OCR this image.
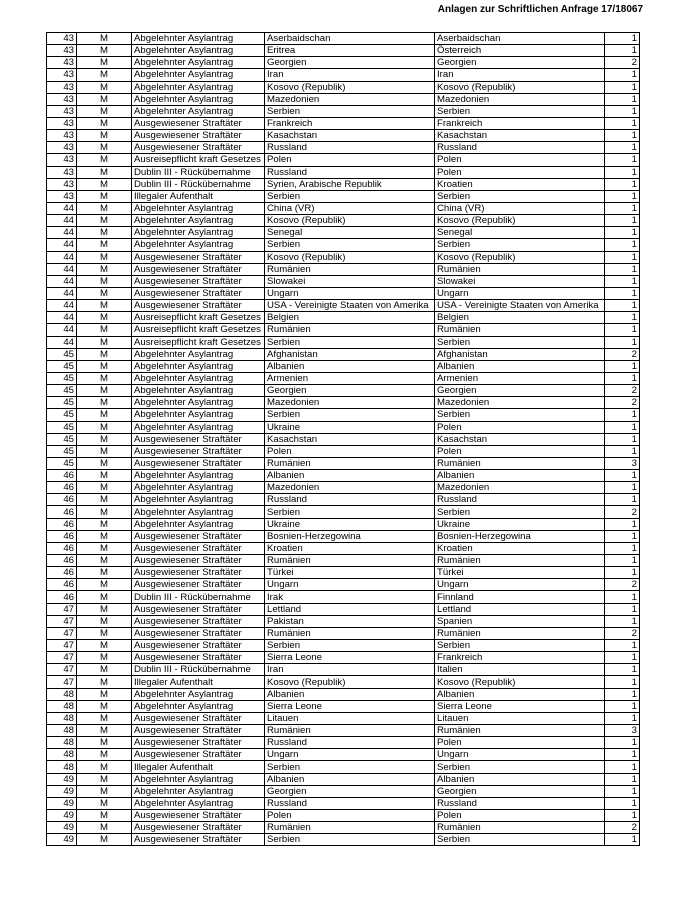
Anlagen zur Schriftlichen Anfrage 17/18067
43	M	Abgelehnter Asylantrag	Aserbaidschan	Aserbaidschan	1
43	M	Abgelehnter Asylantrag	Eritrea	Österreich	1
43	M	Abgelehnter Asylantrag	Georgien	Georgien	2
43	M	Abgelehnter Asylantrag	Iran	Iran	1
43	M	Abgelehnter Asylantrag	Kosovo (Republik)	Kosovo (Republik)	1
43	M	Abgelehnter Asylantrag	Mazedonien	Mazedonien	1
43	M	Abgelehnter Asylantrag	Serbien	Serbien	1
43	M	Ausgewiesener Straftäter	Frankreich	Frankreich	1
43	M	Ausgewiesener Straftäter	Kasachstan	Kasachstan	1
43	M	Ausgewiesener Straftäter	Russland	Russland	1
43	M	Ausreisepflicht kraft Gesetzes	Polen	Polen	1
43	M	Dublin III - Rückübernahme	Russland	Polen	1
43	M	Dublin III - Rückübernahme	Syrien, Arabische Republik	Kroatien	1
43	M	Illegaler Aufenthalt	Serbien	Serbien	1
44	M	Abgelehnter Asylantrag	China (VR)	China (VR)	1
44	M	Abgelehnter Asylantrag	Kosovo (Republik)	Kosovo (Republik)	1
44	M	Abgelehnter Asylantrag	Senegal	Senegal	1
44	M	Abgelehnter Asylantrag	Serbien	Serbien	1
44	M	Ausgewiesener Straftäter	Kosovo (Republik)	Kosovo (Republik)	1
44	M	Ausgewiesener Straftäter	Rumänien	Rumänien	1
44	M	Ausgewiesener Straftäter	Slowakei	Slowakei	1
44	M	Ausgewiesener Straftäter	Ungarn	Ungarn	1
44	M	Ausgewiesener Straftäter	USA - Vereinigte Staaten von Amerika	USA - Vereinigte Staaten von Amerika	1
44	M	Ausreisepflicht kraft Gesetzes	Belgien	Belgien	1
44	M	Ausreisepflicht kraft Gesetzes	Rumänien	Rumänien	1
44	M	Ausreisepflicht kraft Gesetzes	Serbien	Serbien	1
45	M	Abgelehnter Asylantrag	Afghanistan	Afghanistan	2
45	M	Abgelehnter Asylantrag	Albanien	Albanien	1
45	M	Abgelehnter Asylantrag	Armenien	Armenien	1
45	M	Abgelehnter Asylantrag	Georgien	Georgien	2
45	M	Abgelehnter Asylantrag	Mazedonien	Mazedonien	2
45	M	Abgelehnter Asylantrag	Serbien	Serbien	1
45	M	Abgelehnter Asylantrag	Ukraine	Polen	1
45	M	Ausgewiesener Straftäter	Kasachstan	Kasachstan	1
45	M	Ausgewiesener Straftäter	Polen	Polen	1
45	M	Ausgewiesener Straftäter	Rumänien	Rumänien	3
46	M	Abgelehnter Asylantrag	Albanien	Albanien	1
46	M	Abgelehnter Asylantrag	Mazedonien	Mazedonien	1
46	M	Abgelehnter Asylantrag	Russland	Russland	1
46	M	Abgelehnter Asylantrag	Serbien	Serbien	2
46	M	Abgelehnter Asylantrag	Ukraine	Ukraine	1
46	M	Ausgewiesener Straftäter	Bosnien-Herzegowina	Bosnien-Herzegowina	1
46	M	Ausgewiesener Straftäter	Kroatien	Kroatien	1
46	M	Ausgewiesener Straftäter	Rumänien	Rumänien	1
46	M	Ausgewiesener Straftäter	Türkei	Türkei	1
46	M	Ausgewiesener Straftäter	Ungarn	Ungarn	2
46	M	Dublin III - Rückübernahme	Irak	Finnland	1
47	M	Ausgewiesener Straftäter	Lettland	Lettland	1
47	M	Ausgewiesener Straftäter	Pakistan	Spanien	1
47	M	Ausgewiesener Straftäter	Rumänien	Rumänien	2
47	M	Ausgewiesener Straftäter	Serbien	Serbien	1
47	M	Ausgewiesener Straftäter	Sierra Leone	Frankreich	1
47	M	Dublin III - Rückübernahme	Iran	Italien	1
47	M	Illegaler Aufenthalt	Kosovo (Republik)	Kosovo (Republik)	1
48	M	Abgelehnter Asylantrag	Albanien	Albanien	1
48	M	Abgelehnter Asylantrag	Sierra Leone	Sierra Leone	1
48	M	Ausgewiesener Straftäter	Litauen	Litauen	1
48	M	Ausgewiesener Straftäter	Rumänien	Rumänien	3
48	M	Ausgewiesener Straftäter	Russland	Polen	1
48	M	Ausgewiesener Straftäter	Ungarn	Ungarn	1
48	M	Illegaler Aufenthalt	Serbien	Serbien	1
49	M	Abgelehnter Asylantrag	Albanien	Albanien	1
49	M	Abgelehnter Asylantrag	Georgien	Georgien	1
49	M	Abgelehnter Asylantrag	Russland	Russland	1
49	M	Ausgewiesener Straftäter	Polen	Polen	1
49	M	Ausgewiesener Straftäter	Rumänien	Rumänien	2
49	M	Ausgewiesener Straftäter	Serbien	Serbien	1
